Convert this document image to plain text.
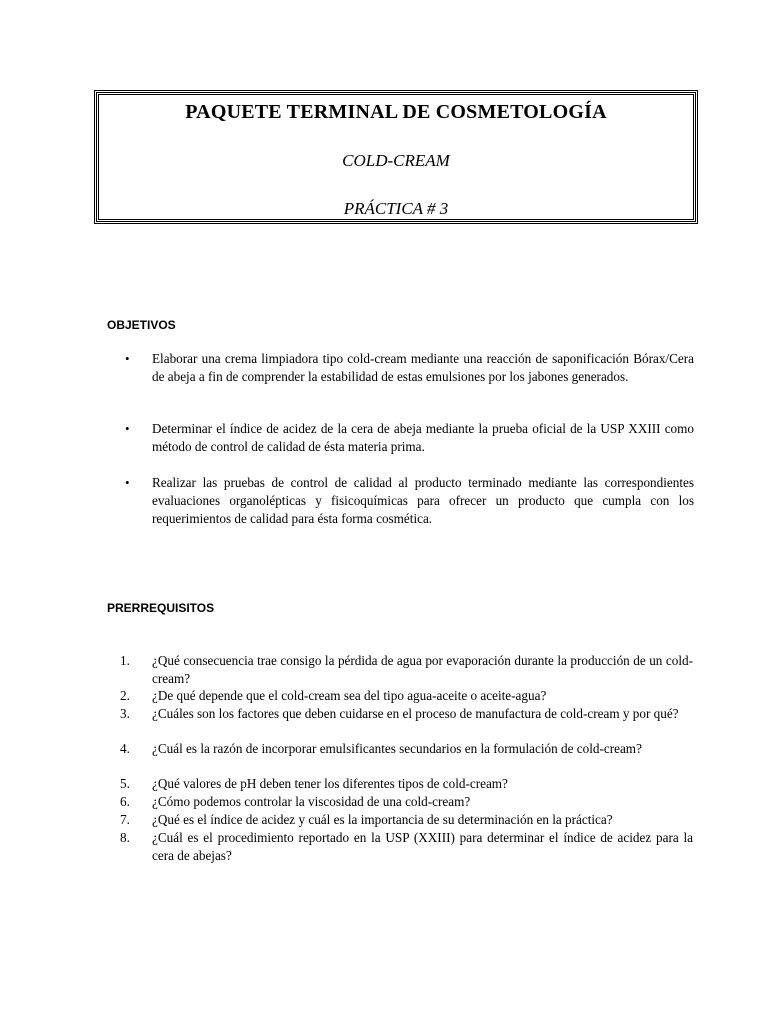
PAQUETE TERMINAL DE COSMETOLOGÍA
COLD-CREAM
PRÁCTICA # 3
OBJETIVOS
•	Elaborar una crema limpiadora tipo cold-cream mediante una reacción de saponificación Bórax/Cera de abeja a fin de comprender la estabilidad de estas emulsiones por los jabones generados.
•	Determinar el índice de acidez de la cera de abeja mediante la prueba oficial de la USP XXIII como método de control de calidad de ésta materia prima.
•	Realizar las pruebas de control de calidad al producto terminado mediante las correspondientes evaluaciones organolépticas y fisicoquímicas para ofrecer un producto que cumpla con los requerimientos de calidad para ésta forma cosmética.
PRERREQUISITOS
1.	¿Qué consecuencia trae consigo la pérdida de agua por evaporación durante la producción de un cold-cream?
2.	¿De qué depende que el cold-cream sea del tipo agua-aceite o aceite-agua?
3.	¿Cuáles son los factores que deben cuidarse en el proceso de manufactura de cold-cream y por qué?
4.	¿Cuál es la razón de incorporar emulsificantes secundarios en la formulación de cold-cream?
5.	¿Qué valores de pH deben tener los diferentes tipos de cold-cream?
6.	¿Cómo podemos controlar la viscosidad de una cold-cream?
7.	¿Qué es el índice de acidez y cuál es la importancia de su determinación en la práctica?
8.	¿Cuál es el procedimiento reportado en la USP (XXIII) para determinar el índice de acidez para la cera de abejas?
